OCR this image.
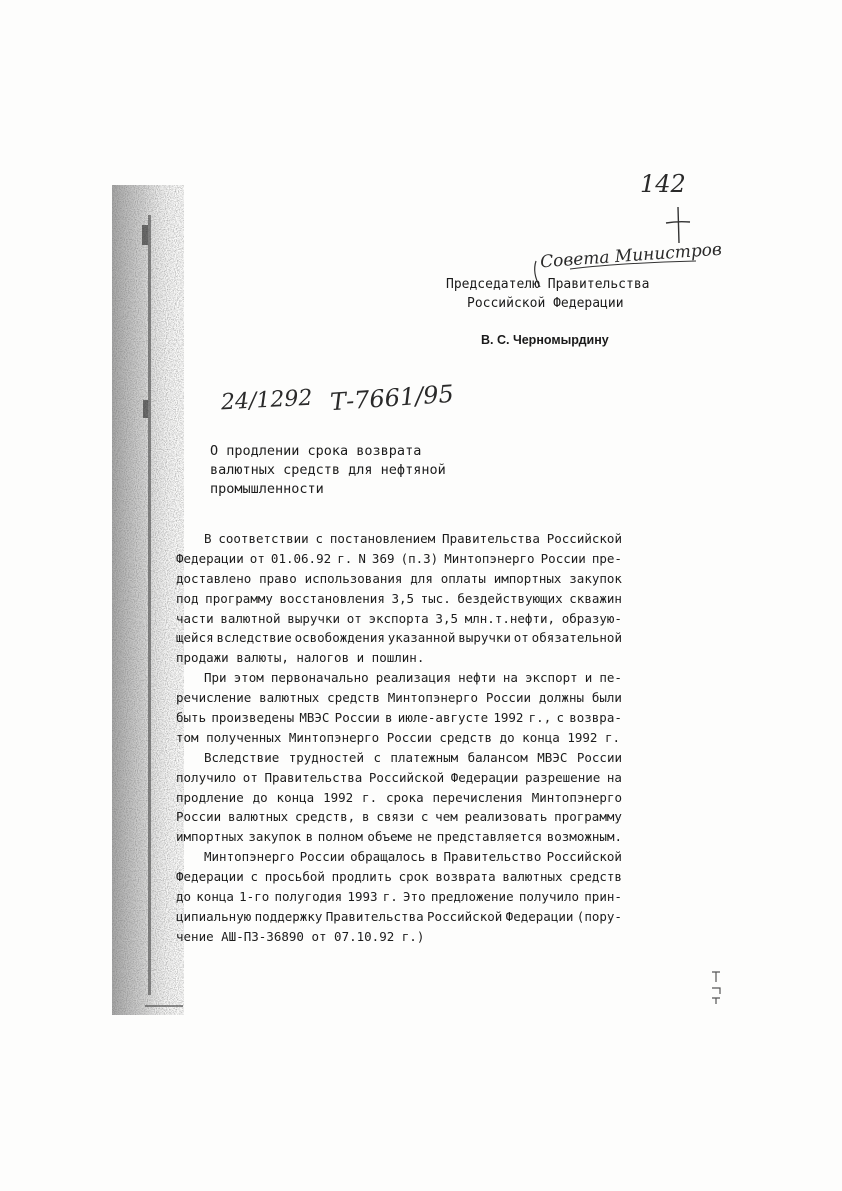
142
Совета Министров
Председателю Правительства
Российской Федерации
В. С. Черномырдину
24/1292 Т-7661/95
О продлении срока возврата валютных средств для нефтяной промышленности
В соответствии с постановлением Правительства Российской
Федерации от 01.06.92 г. N 369 (п.3) Минтопэнерго России пре-
доставлено право использования для оплаты импортных закупок
под программу восстановления 3,5 тыс. бездействующих скважин
части валютной выручки от экспорта 3,5 млн.т.нефти, образую-
щейся вследствие освобождения указанной выручки от обязательной
продажи валюты, налогов и пошлин.
При этом первоначально реализация нефти на экспорт и пе-
речисление валютных средств Минтопэнерго России должны были
быть произведены МВЭС России в июле-августе 1992 г., с возвра-
том полученных Минтопэнерго России средств до конца 1992 г.
Вследствие трудностей с платежным балансом МВЭС России
получило от Правительства Российской Федерации разрешение на
продление до конца 1992 г. срока перечисления Минтопэнерго
России валютных средств, в связи с чем реализовать программу
импортных закупок в полном объеме не представляется возможным.
Минтопэнерго России обращалось в Правительство Российской
Федерации с просьбой продлить срок возврата валютных средств
до конца 1-го полугодия 1993 г. Это предложение получило прин-
ципиальную поддержку Правительства Российской Федерации (пору-
чение АШ-П3-36890 от 07.10.92 г.)
